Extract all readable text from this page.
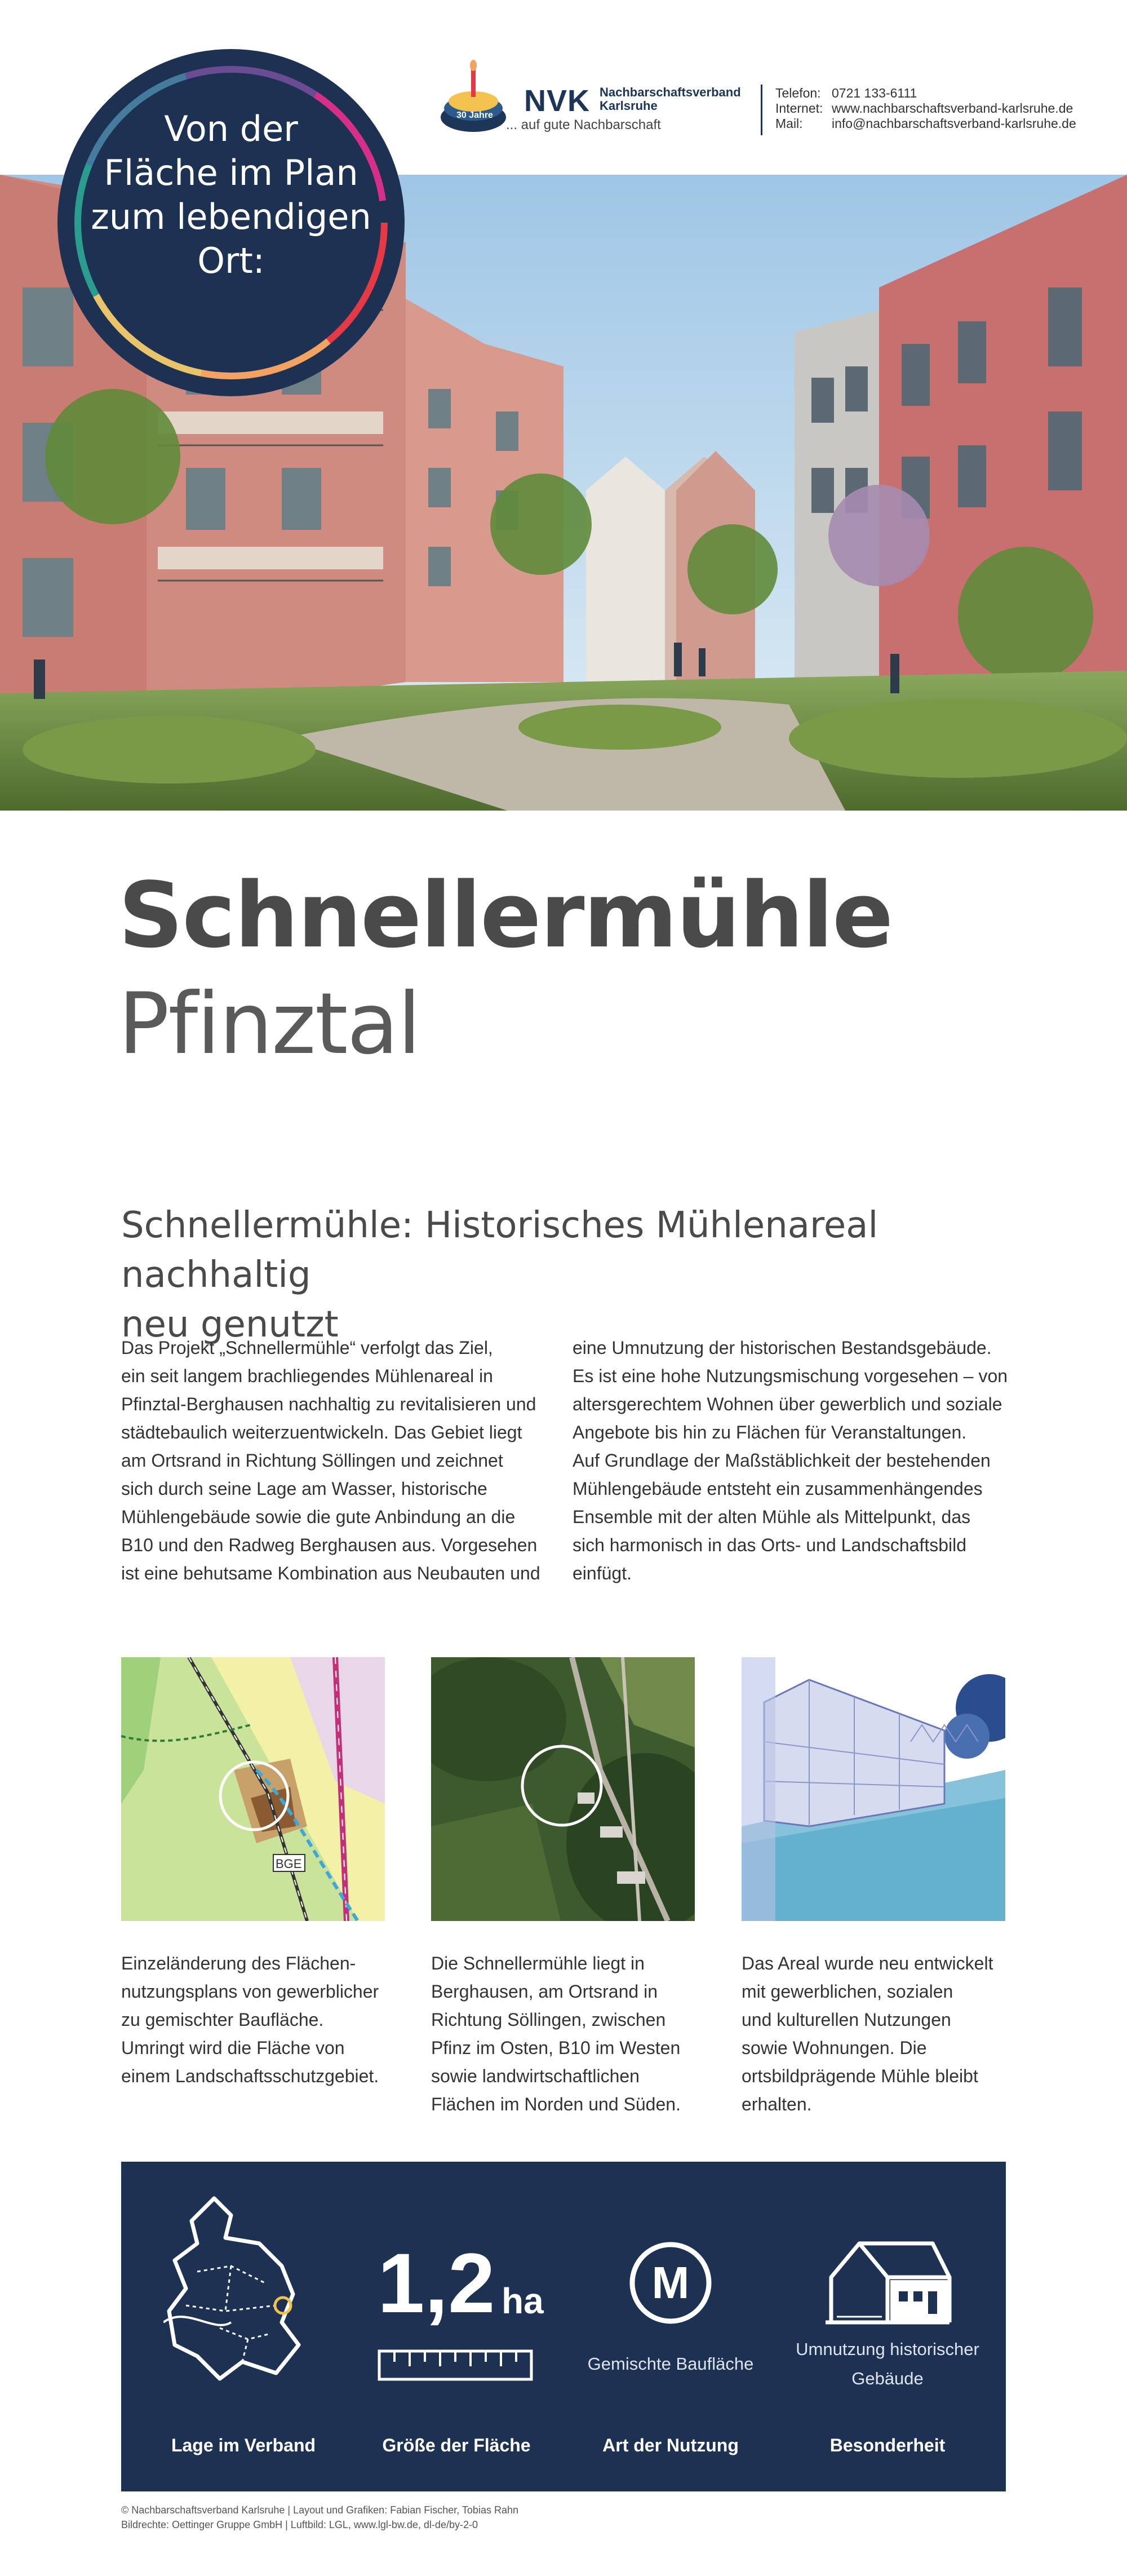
30 Jahre NVK Nachbarschaftsverband
Karlsruhe
... auf gute Nachbarschaft
Telefon: 0721 133-6111
Internet: www.nachbarschaftsverband-karlsruhe.de
Mail:	info@nachbarschaftsverband-karlsruhe.de
Von der
Fläche im Plan
zum lebendigen
Ort:
Schnellermühle
Pfinztal
Schnellermühle: Historisches Mühlenareal nachhaltig
neu genutzt
Das Projekt „Schnellermühle“ verfolgt das Ziel,
ein seit langem brachliegendes Mühlenareal in
Pfinztal-Berghausen nachhaltig zu revitalisieren und
städtebaulich weiterzuentwickeln. Das Gebiet liegt
am Ortsrand in Richtung Söllingen und zeichnet
sich durch seine Lage am Wasser, historische
Mühlengebäude sowie die gute Anbindung an die
B10 und den Radweg Berghausen aus. Vorgesehen
ist eine behutsame Kombination aus Neubauten und
eine Umnutzung der historischen Bestandsgebäude.
Es ist eine hohe Nutzungsmischung vorgesehen – von
altersgerechtem Wohnen über gewerblich und soziale
Angebote bis hin zu Flächen für Veranstaltungen.
Auf Grundlage der Maßstäblichkeit der bestehenden
Mühlengebäude entsteht ein zusammenhängendes
Ensemble mit der alten Mühle als Mittelpunkt, das
sich harmonisch in das Orts- und Landschaftsbild
einfügt.
BGE
Einzeländerung des Flächen-
nutzungsplans von gewerblicher
zu gemischter Baufläche.
Umringt wird die Fläche von
einem Landschaftsschutzgebiet.
Die Schnellermühle liegt in
Berghausen, am Ortsrand in
Richtung Söllingen, zwischen
Pfinz im Osten, B10 im Westen
sowie landwirtschaftlichen
Flächen im Norden und Süden.
Das Areal wurde neu entwickelt
mit gewerblichen, sozialen
und kulturellen Nutzungen
sowie Wohnungen. Die
ortsbildprägende Mühle bleibt
erhalten.
1,2 ha	M
Gemischte Baufläche
Umnutzung historischer
Gebäude
Lage im Verband	Größe der Fläche	Art der Nutzung	Besonderheit
© Nachbarschaftsverband Karlsruhe | Layout und Grafiken: Fabian Fischer, Tobias Rahn
Bildrechte: Oettinger Gruppe GmbH | Luftbild: LGL, www.lgl-bw.de, dl-de/by-2-0
